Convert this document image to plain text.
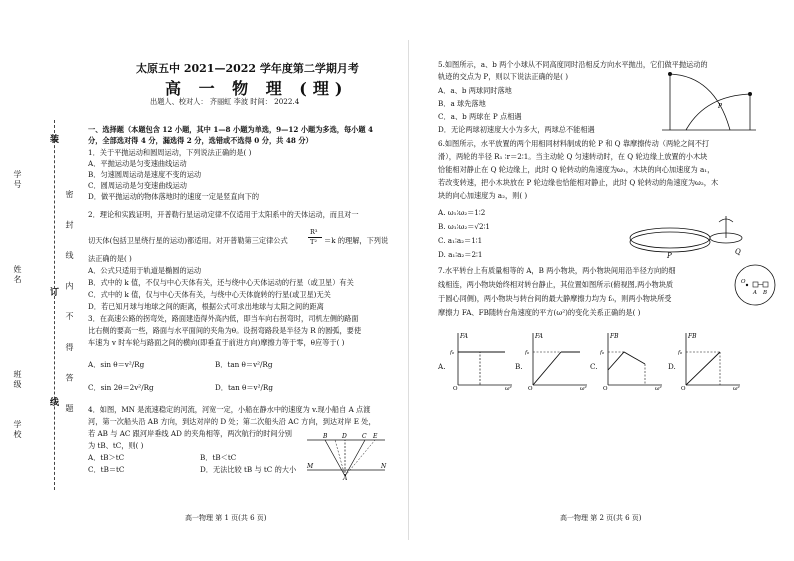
学号
姓名
学校
班级	密 封 线 内 不 得 答 题
装
订
线
太原五中 2021—2022 学年度第二学期月考
高 一 物 理 (理)
出题人、校对人： 齐丽虹 李波 时间： 2022.4
一、选择题（本题包含 12 小题，其中 1—8 小题为单选，9—12 小题为多选，每小题 4
分，全部选对得 4 分，漏选得 2 分，选错或不选得 0 分，共 48 分）
1．关于平抛运动和圆周运动，下列说法正确的是( )
A．平抛运动是匀变速曲线运动
B．匀速圆周运动是速度不变的运动
C．圆周运动是匀变速曲线运动
D．做平抛运动的物体落地时的速度一定是竖直向下的
2．理论和实践证明，开普勒行星运动定律不仅适用于太阳系中的天体运动，而且对一
切天体(包括卫星绕行星的运动)都适用。对开普勒第三定律公式
R³
T² ＝k 的理解，下列说
法正确的是( )
A．公式只适用于轨道是椭圆的运动
B．式中的 k 值，不仅与中心天体有关，还与绕中心天体运动的行星（或卫星）有关
C．式中的 k 值，仅与中心天体有关，与绕中心天体旋转的行星(或卫星)无关
D．若已知月球与地球之间的距离，根据公式可求出地球与太阳之间的距离
3．在高速公路的拐弯处，路面建造得外高内低，即当车向右拐弯时，司机左侧的路面
比右侧的要高一些，路面与水平面间的夹角为θ。设拐弯路段是半径为 R 的圆弧，要使
车速为 v 时车轮与路面之间的横向(即垂直于前进方向)摩擦力等于零，θ应等于( )
A．sin θ＝v²/Rg	B．tan θ＝v²/Rg
C．sin 2θ＝2v²/Rg	D．tan θ＝v²/Rg
4．如图，MN 是流速稳定的河流，河宽一定，小船在静水中的速度为 v.现小船自 A 点渡
河，第一次船头沿 AB 方向，到达对岸的 D 处；第二次船头沿 AC 方向，到达对岸 E 处，
若 AB 与 AC 跟河岸垂线 AD 的夹角相等，两次航行的时间分别
为 tB、tC，则( )
A．tB＞tC	B．tB＜tC
C．tB＝tC	D．无法比较 tB 与 tC 的大小
B D	C E
M	N
A
高一物理 第 1 页(共 6 页)
5.如图所示，a、b 两个小球从不同高度同时沿相反方向水平抛出，它们做平抛运动的
轨迹的交点为 P，则以下说法正确的是( )
A．a、b 两球同时落地
B．a 球先落地
C．a、b 两球在 P 点相遇
D．无论两球初速度大小为多大，两球总不能相遇
P
6.如图所示，水平放置的两个用相同材料制成的轮 P 和 Q 靠摩擦传动（两轮之间不打
滑），两轮的半径 R₁ ∶r＝2∶1。当主动轮 Q 匀速转动时，在 Q 轮边缘上放置的小木块
恰能相对静止在 Q 轮边缘上，此时 Q 轮转动的角速度为ω₁，木块的向心加速度为 a₁，
若改变转速，把小木块放在 P 轮边缘也恰能相对静止，此时 Q 轮转动的角速度为ω₂，木
块的向心加速度为 a₂，则( )
A. ω₁∶ω₂＝1∶2
B. ω₁∶ω₂＝√2∶1
C. a₁∶a₂＝1∶1
D. a₁∶a₂＝2∶1	P	Q
7.水平转台上有质量相等的 A，B 两小物块，两小物块间用沿半径方向的细
线相连，两小物块始终相对转台静止，其位置如图所示(俯视图,两小物块质
于圆心同侧)，两小物块与转台间的最大静摩擦力均为 f₀，则两小物块所受
摩擦力 FA、FB随转台角速度的平方(ω²)的变化关系正确的是( )
O
A B
A.
FA
f₀
ω²
O
B.
FA
f₀
ω²
O
C.
FB
f₀
ω²
O
D.
FB
f₀
ω²
O
高一物理 第 2 页(共 6 页)
